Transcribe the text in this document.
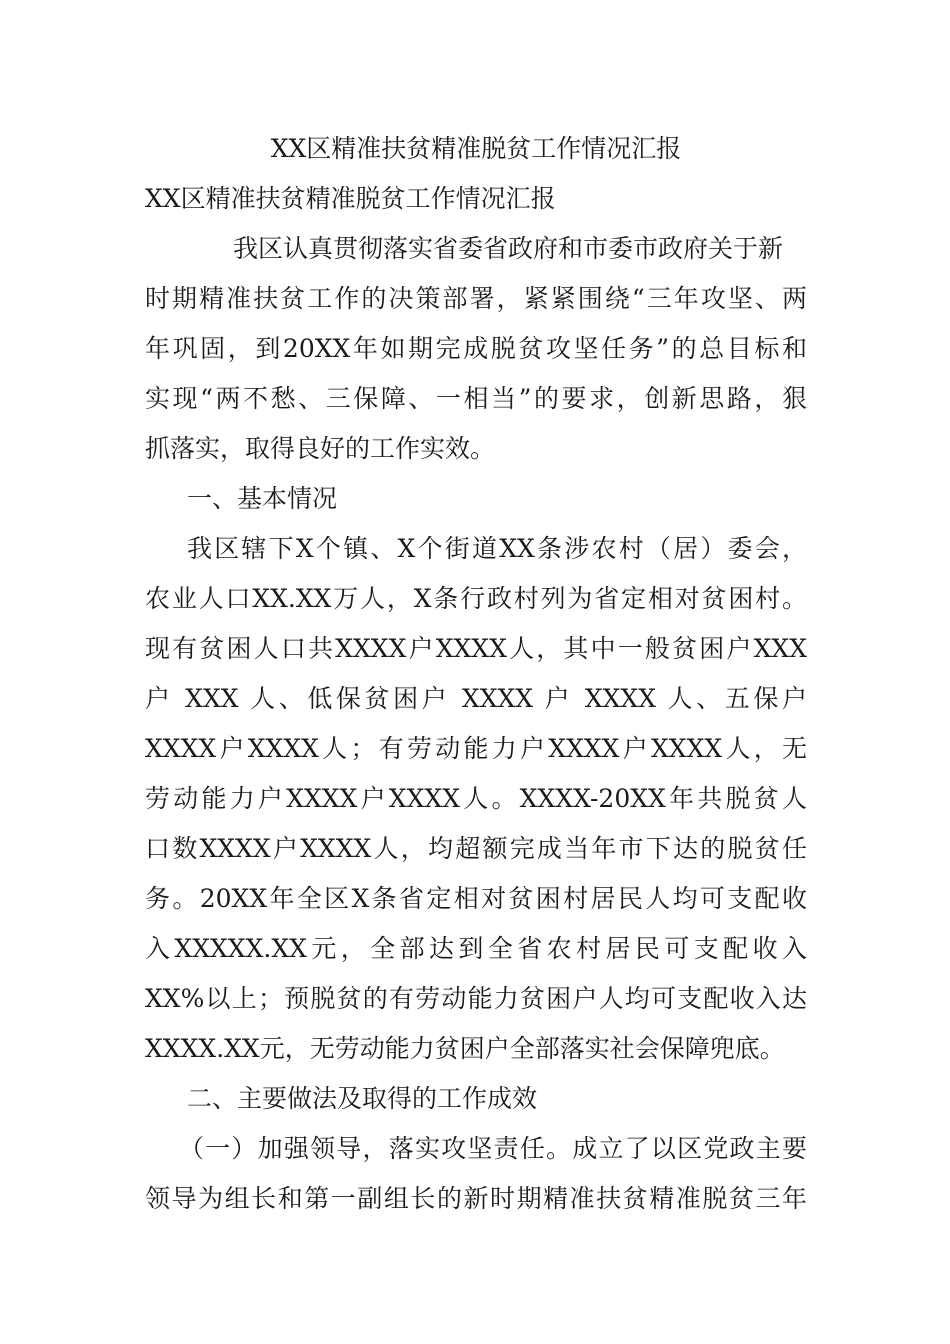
XX区精准扶贫精准脱贫工作情况汇报

XX区精准扶贫精准脱贫工作情况汇报

我区认真贯彻落实省委省政府和市委市政府关于新
时期精准扶贫工作的决策部署，紧紧围绕“三年攻坚、两
年巩固，到20XX年如期完成脱贫攻坚任务”的总目标和
实现“两不愁、三保障、一相当”的要求，创新思路，狠
抓落实，取得良好的工作实效。

一、基本情况

我区辖下X个镇、X个街道XX条涉农村（居）委会，
农业人口XX.XX万人，X条行政村列为省定相对贫困村。
现有贫困人口共XXXX户XXXX人，其中一般贫困户XXX
户 XXX 人、低保贫困户 XXXX 户 XXXX 人、五保户
XXXX户XXXX人；有劳动能力户XXXX户XXXX人，无
劳动能力户XXXX户XXXX人。XXXX-20XX年共脱贫人
口数XXXX户XXXX人，均超额完成当年市下达的脱贫任
务。20XX年全区X条省定相对贫困村居民人均可支配收
入XXXXX.XX元，全部达到全省农村居民可支配收入
XX%以上；预脱贫的有劳动能力贫困户人均可支配收入达
XXXX.XX元，无劳动能力贫困户全部落实社会保障兜底。

二、主要做法及取得的工作成效

（一）加强领导，落实攻坚责任。成立了以区党政主要
领导为组长和第一副组长的新时期精准扶贫精准脱贫三年
